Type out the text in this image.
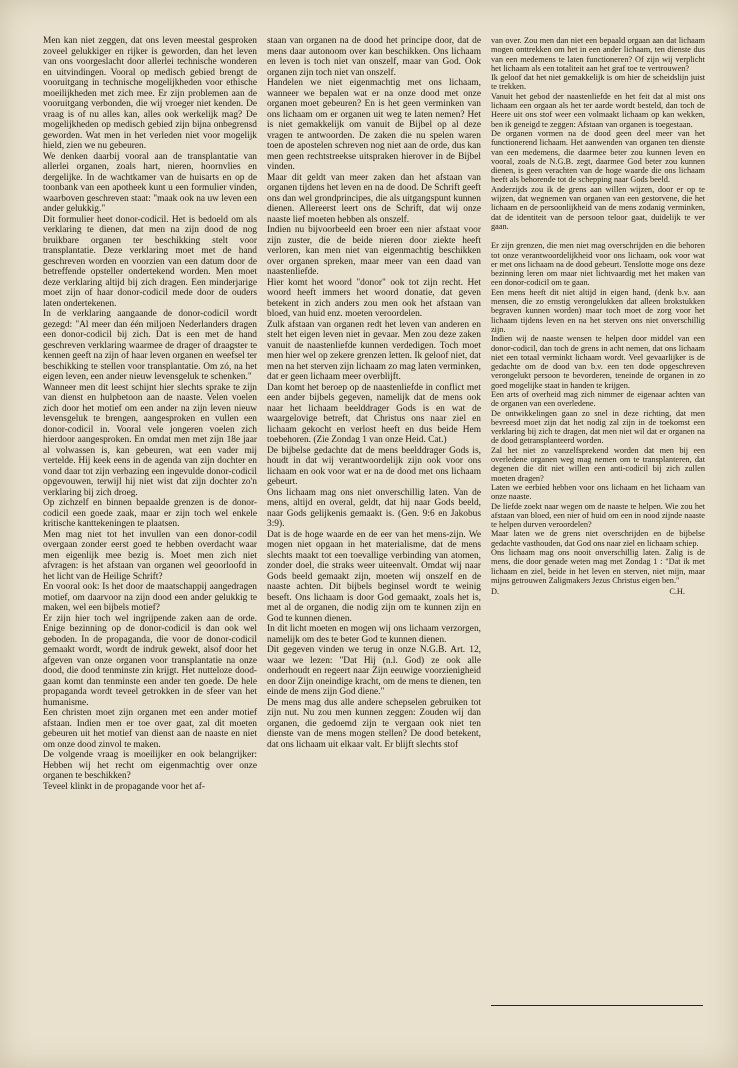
Men kan niet zeggen, dat ons leven meestal gesproken zoveel gelukkiger en rijker is geworden, dan het leven van ons voorgeslacht door allerlei technische wonderen en uitvindingen. Vooral op medisch gebied brengt de vooruitgang in technische mogelijkheden voor ethische moeilijkheden met zich mee. Er zijn problemen aan de vooruitgang verbonden, die wij vroeger niet kenden. De vraag is of nu alles kan, alles ook werkelijk mag? De mogelijkheden op medisch gebied zijn bijna onbegrensd geworden. Wat men in het verleden niet voor mogelijk hield, zien we nu gebeuren.

We denken daarbij vooral aan de transplantatie van allerlei organen, zoals hart, nieren, hoornvlies en dergelijke. In de wachtkamer van de huisarts en op de toonbank van een apotheek kunt u een formulier vinden, waarboven geschreven staat: "maak ook na uw leven een ander gelukkig."

Dit formulier heet donor-codicil. Het is bedoeld om als verklaring te dienen, dat men na zijn dood de nog bruikbare organen ter beschikking stelt voor transplantatie. Deze verklaring moet met de hand geschreven worden en voorzien van een datum door de betreffende opsteller ondertekend worden. Men moet deze verklaring altijd bij zich dragen. Een minderjarige moet zijn of haar donor-codicil mede door de ouders laten ondertekenen.

In de verklaring aangaande de donor-codicil wordt gezegd: "Al meer dan één miljoen Nederlanders dragen een donor-codicil bij zich. Dat is een met de hand geschreven verklaring waarmee de drager of draagster te kennen geeft na zijn of haar leven organen en weefsel ter beschikking te stellen voor transplantatie. Om zó, na het eigen leven, een ander nieuw levensgeluk te schenken."

Wanneer men dit leest schijnt hier slechts sprake te zijn van dienst en hulpbetoon aan de naaste. Velen voelen zich door het motief om een ander na zijn leven nieuw levensgeluk te brengen, aangesproken en vullen een donor-codicil in. Vooral vele jongeren voelen zich hierdoor aangesproken. En omdat men met zijn 18e jaar al volwassen is, kan gebeuren, wat een vader mij vertelde. Hij keek eens in de agenda van zijn dochter en vond daar tot zijn verbazing een ingevulde donor-codicil opgevouwen, terwijl hij niet wist dat zijn dochter zo'n verklaring bij zich droeg.

Op zichzelf en binnen bepaalde grenzen is de donor-codicil een goede zaak, maar er zijn toch wel enkele kritische kanttekeningen te plaatsen.

Men mag niet tot het invullen van een donor-codil overgaan zonder eerst goed te hebben overdacht waar men eigenlijk mee bezig is. Moet men zich niet afvragen: is het afstaan van organen wel geoorloofd in het licht van de Heilige Schrift?

En vooral ook: Is het door de maatschappij aangedragen motief, om daarvoor na zijn dood een ander gelukkig te maken, wel een bijbels motief?

Er zijn hier toch wel ingrijpende zaken aan de orde. Enige bezinning op de donor-codicil is dan ook wel geboden. In de propaganda, die voor de donor-codicil gemaakt wordt, wordt de indruk gewekt, alsof door het afgeven van onze organen voor transplantatie na onze dood, die dood tenminste zin krijgt. Het nutteloze dood-gaan komt dan tenminste een ander ten goede. De hele propaganda wordt teveel getrokken in de sfeer van het humanisme.

Een christen moet zijn organen met een ander motief afstaan. Indien men er toe over gaat, zal dit moeten gebeuren uit het motief van dienst aan de naaste en niet om onze dood zinvol te maken.

De volgende vraag is moeilijker en ook belangrijker: Hebben wij het recht om eigenmachtig over onze organen te beschikken?

Teveel klinkt in de propagande voor het af-

staan van organen na de dood het principe door, dat de mens daar autonoom over kan beschikken. Ons lichaam en leven is toch niet van onszelf, maar van God. Ook organen zijn toch niet van onszelf.

Handelen we niet eigenmachtig met ons lichaam, wanneer we bepalen wat er na onze dood met onze organen moet gebeuren? En is het geen verminken van ons lichaam om er organen uit weg te laten nemen? Het is niet gemakkelijk om vanuit de Bijbel op al deze vragen te antwoorden. De zaken die nu spelen waren toen de apostelen schreven nog niet aan de orde, dus kan men geen rechtstreekse uitspraken hierover in de Bijbel vinden.

Maar dit geldt van meer zaken dan het afstaan van organen tijdens het leven en na de dood. De Schrift geeft ons dan wel grondprincipes, die als uitgangspunt kunnen dienen. Allereerst leert ons de Schrift, dat wij onze naaste lief moeten hebben als onszelf.

Indien nu bijvoorbeeld een broer een nier afstaat voor zijn zuster, die de beide nieren door ziekte heeft verloren, kan men niet van eigenmachtig beschikken over organen spreken, maar meer van een daad van naastenliefde.

Hier komt het woord "donor" ook tot zijn recht. Het woord heeft immers het woord donatie, dat geven betekent in zich anders zou men ook het afstaan van bloed, van huid enz. moeten veroordelen.

Zulk afstaan van organen redt het leven van anderen en stelt het eigen leven niet in gevaar. Men zou deze zaken vanuit de naastenliefde kunnen verdedigen. Toch moet men hier wel op zekere grenzen letten. Ik geloof niet, dat men na het sterven zijn lichaam zo mag laten verminken, dat er geen lichaam meer overblijft.

Dan komt het beroep op de naastenliefde in conflict met een ander bijbels gegeven, namelijk dat de mens ook naar het lichaam beelddrager Gods is en wat de waargelovige betreft, dat Christus ons naar ziel en lichaam gekocht en verlost heeft en dus beide Hem toebehoren. (Zie Zondag 1 van onze Heid. Cat.)

De bijbelse gedachte dat de mens beelddrager Gods is, houdt in dat wij verantwoordelijk zijn ook voor ons lichaam en ook voor wat er na de dood met ons lichaam gebeurt.

Ons lichaam mag ons niet onverschillig laten. Van de mens, altijd en overal, geldt, dat hij naar Gods beeld, naar Gods gelijkenis gemaakt is. (Gen. 9:6 en Jakobus 3:9).

Dat is de hoge waarde en de eer van het mens-zijn. We mogen niet opgaan in het materialisme, dat de mens slechts maakt tot een toevallige verbinding van atomen, zonder doel, die straks weer uiteenvalt. Omdat wij naar Gods beeld gemaakt zijn, moeten wij onszelf en de naaste achten. Dit bijbels beginsel wordt te weinig beseft. Ons lichaam is door God gemaakt, zoals het is, met al de organen, die nodig zijn om te kunnen zijn en God te kunnen dienen.

In dit licht moeten en mogen wij ons lichaam verzorgen, namelijk om des te beter God te kunnen dienen.

Dit gegeven vinden we terug in onze N.G.B. Art. 12, waar we lezen: "Dat Hij (n.l. God) ze ook alle onderhoudt en regeert naar Zijn eeuwige voorzienigheid en door Zijn oneindige kracht, om de mens te dienen, ten einde de mens zijn God diene."

De mens mag dus alle andere schepselen gebruiken tot zijn nut. Nu zou men kunnen zeggen: Zouden wij dan organen, die gedoemd zijn te vergaan ook niet ten dienste van de mens mogen stellen? De dood betekent, dat ons lichaam uit elkaar valt. Er blijft slechts stof

van over. Zou men dan niet een bepaald orgaan aan dat lichaam mogen onttrekken om het in een ander lichaam, ten dienste dus van een medemens te laten functioneren? Of zijn wij verplicht het lichaam als een totaliteit aan het graf toe te vertrouwen?

Ik geloof dat het niet gemakkelijk is om hier de scheidslijn juist te trekken.

Vanuit het gebod der naastenliefde en het feit dat al mist ons lichaam een orgaan als het ter aarde wordt besteld, dan toch de Heere uit ons stof weer een volmaakt lichaam op kan wekken, ben ik geneigd te zeggen: Afstaan van organen is toegestaan.

De organen vormen na de dood geen deel meer van het functionerend lichaam. Het aanwenden van organen ten dienste van een medemens, die daarmee beter zou kunnen leven en vooral, zoals de N.G.B. zegt, daarmee God beter zou kunnen dienen, is geen verachten van de hoge waarde die ons lichaam heeft als behorende tot de schepping naar Gods beeld.

Anderzijds zou ik de grens aan willen wijzen, door er op te wijzen, dat wegnemen van organen van een gestorvene, die het lichaam en de persoonlijkheid van de mens zodanig verminken, dat de identiteit van de persoon teloor gaat, duidelijk te ver gaan.

Er zijn grenzen, die men niet mag overschrijden en die behoren tot onze verantwoordelijkheid voor ons lichaam, ook voor wat er met ons lichaam na de dood gebeurt. Tenslotte moge ons deze bezinning leren om maar niet lichtvaardig met het maken van een donor-codicil om te gaan.

Een mens heeft dit niet altijd in eigen hand, (denk b.v. aan mensen, die zo ernstig verongelukken dat alleen brokstukken begraven kunnen worden) maar toch moet de zorg voor het lichaam tijdens leven en na het sterven ons niet onverschillig zijn.

Indien wij de naaste wensen te helpen door middel van een donor-codicil, dan toch de grens in acht nemen, dat ons lichaam niet een totaal verminkt lichaam wordt. Veel gevaarlijker is de gedachte om de dood van b.v. een ten dode opgeschreven verongelukt persoon te bevorderen, teneinde de organen in zo goed mogelijke staat in handen te krijgen.

Een arts of overheid mag zich nimmer de eigenaar achten van de organen van een overledene.

De ontwikkelingen gaan zo snel in deze richting, dat men bevreesd moet zijn dat het nodig zal zijn in de toekomst een verklaring bij zich te dragen, dat men niet wil dat er organen na de dood getransplanteerd worden.

Zal het niet zo vanzelfsprekend worden dat men bij een overledene organen weg mag nemen om te transplanteren, dat degenen die dit niet willen een anti-codicil bij zich zullen moeten dragen?

Laten we eerbied hebben voor ons lichaam en het lichaam van onze naaste.

De liefde zoekt naar wegen om de naaste te helpen. Wie zou het afstaan van bloed, een nier of huid om een in nood zijnde naaste te helpen durven veroordelen?

Maar laten we de grens niet overschrijden en de bijbelse gedachte vasthouden, dat God ons naar ziel en lichaam schiep.

Ons lichaam mag ons nooit onverschillig laten. Zalig is de mens, die door genade weten mag met Zondag 1 : "Dat ik met lichaam en ziel, beide in het leven en sterven, niet mijn, maar mijns getrouwen Zaligmakers Jezus Christus eigen ben."

D.	C.H.
